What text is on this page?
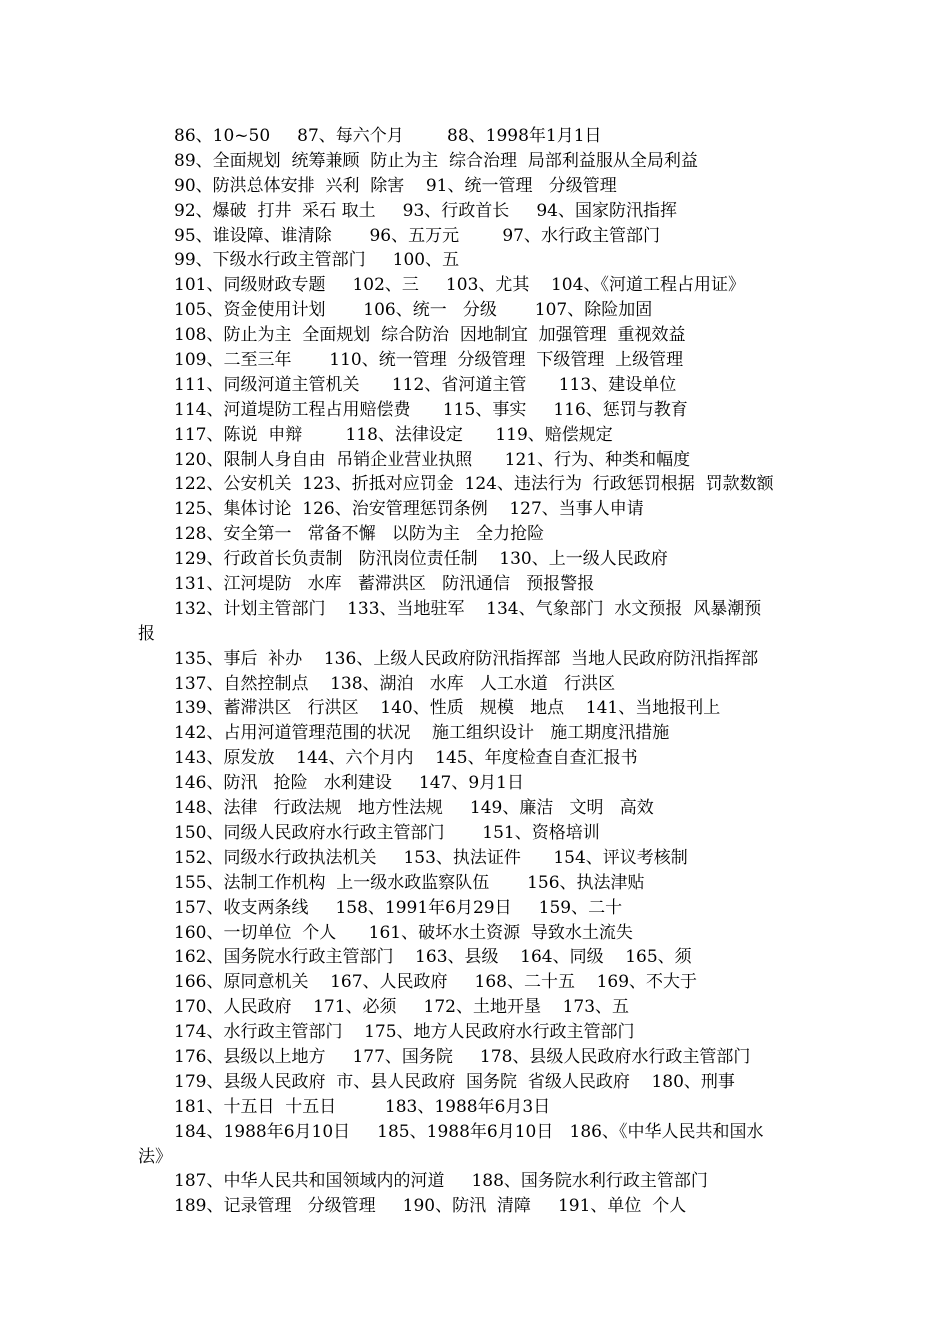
86、10~50     87、每六个月        88、1998年1月1日
89、全面规划  统筹兼顾  防止为主  综合治理  局部利益服从全局利益
90、防洪总体安排  兴利  除害    91、统一管理   分级管理
92、爆破  打井  采石 取土     93、行政首长     94、国家防汛指挥
95、谁设障、谁清除       96、五万元        97、水行政主管部门
99、下级水行政主管部门     100、五
101、同级财政专题     102、三     103、尤其    104、《河道工程占用证》
105、资金使用计划       106、统一   分级       107、除险加固
108、防止为主  全面规划  综合防治  因地制宜  加强管理  重视效益
109、二至三年       110、统一管理  分级管理  下级管理  上级管理
111、同级河道主管机关      112、省河道主管      113、建设单位
114、河道堤防工程占用赔偿费      115、事实     116、惩罚与教育
117、陈说  申辩        118、法律设定      119、赔偿规定
120、限制人身自由  吊销企业营业执照      121、行为、种类和幅度
122、公安机关  123、折抵对应罚金  124、违法行为  行政惩罚根据  罚款数额
125、集体讨论  126、治安管理惩罚条例    127、当事人申请
128、安全第一   常备不懈   以防为主   全力抢险
129、行政首长负责制   防汛岗位责任制    130、上一级人民政府
131、江河堤防   水库   蓄滞洪区   防汛通信   预报警报
132、计划主管部门    133、当地驻军    134、气象部门  水文预报  风暴潮预
报
135、事后  补办    136、上级人民政府防汛指挥部  当地人民政府防汛指挥部
137、自然控制点    138、湖泊   水库   人工水道   行洪区
139、蓄滞洪区   行洪区    140、性质   规模   地点    141、当地报刊上
142、占用河道管理范围的状况    施工组织设计   施工期度汛措施
143、原发放    144、六个月内    145、年度检查自查汇报书
146、防汛   抢险   水利建设     147、9月1日
148、法律   行政法规   地方性法规     149、廉洁   文明   高效
150、同级人民政府水行政主管部门       151、资格培训
152、同级水行政执法机关     153、执法证件      154、评议考核制
155、法制工作机构  上一级水政监察队伍       156、执法津贴
157、收支两条线     158、1991年6月29日     159、二十
160、一切单位  个人      161、破坏水土资源  导致水土流失
162、国务院水行政主管部门    163、县级    164、同级    165、须
166、原同意机关    167、人民政府     168、二十五    169、不大于
170、人民政府    171、必须     172、土地开垦    173、五
174、水行政主管部门    175、地方人民政府水行政主管部门
176、县级以上地方     177、国务院     178、县级人民政府水行政主管部门
179、县级人民政府  市、县人民政府  国务院  省级人民政府    180、刑事
181、十五日  十五日         183、1988年6月3日
184、1988年6月10日     185、1988年6月10日   186、《中华人民共和国水
法》
187、中华人民共和国领域内的河道     188、国务院水利行政主管部门
189、记录管理   分级管理     190、防汛  清障     191、单位  个人
